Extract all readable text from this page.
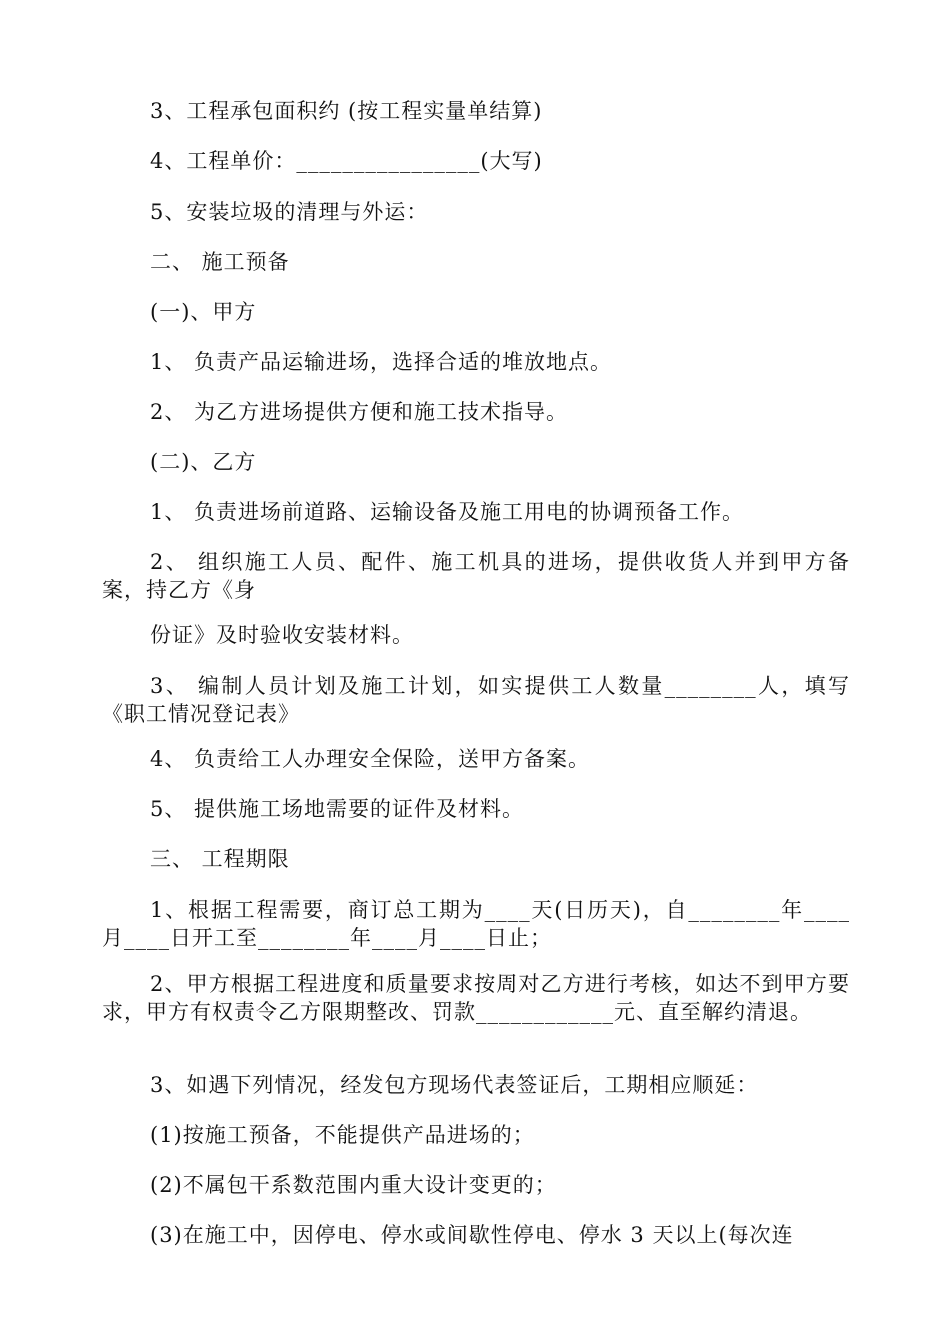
3、工程承包面积约 (按工程实量单结算)
4、工程单价：________________(大写)
5、安装垃圾的清理与外运：
二、 施工预备
(一)、甲方
1、 负责产品运输进场，选择合适的堆放地点。
2、 为乙方进场提供方便和施工技术指导。
(二)、乙方
1、 负责进场前道路、运输设备及施工用电的协调预备工作。
2、 组织施工人员、配件、施工机具的进场，提供收货人并到甲方备案，持乙方《身
份证》及时验收安装材料。
3、 编制人员计划及施工计划，如实提供工人数量________人，填写《职工情况登记表》
4、 负责给工人办理安全保险，送甲方备案。
5、 提供施工场地需要的证件及材料。
三、 工程期限
1、根据工程需要，商订总工期为____天(日历天)，自________年____月____日开工至________年____月____日止；
2、甲方根据工程进度和质量要求按周对乙方进行考核，如达不到甲方要求，甲方有权责令乙方限期整改、罚款____________元、直至解约清退。
3、如遇下列情况，经发包方现场代表签证后，工期相应顺延：
(1)按施工预备，不能提供产品进场的；
(2)不属包干系数范围内重大设计变更的；
(3)在施工中，因停电、停水或间歇性停电、停水 3 天以上(每次连
